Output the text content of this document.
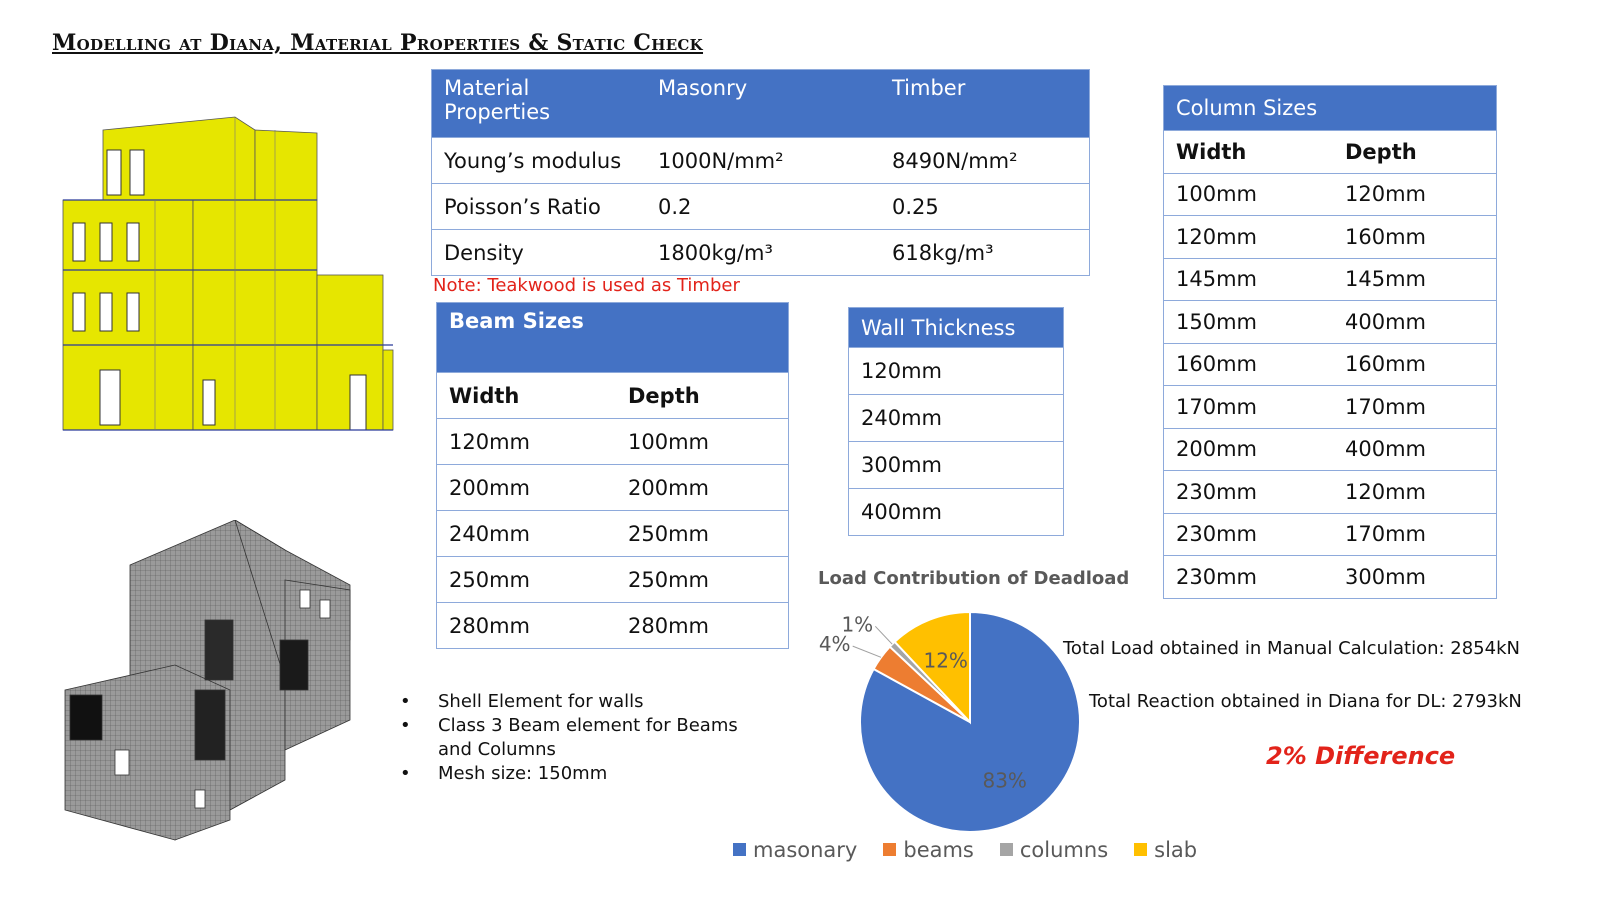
Modelling at Diana, Material Properties & Static Check
Material Properties	Masonry	Timber
Young’s modulus	1000N/mm²	8490N/mm²
Poisson’s Ratio	0.2	0.25
Density	1800kg/m³	618kg/m³
Note: Teakwood is used as Timber
Beam Sizes	
Width	Depth
120mm	100mm
200mm	200mm
240mm	250mm
250mm	250mm
280mm	280mm
Wall Thickness
120mm
240mm
300mm
400mm
Column Sizes	
Width	Depth
100mm	120mm
120mm	160mm
145mm	145mm
150mm	400mm
160mm	160mm
170mm	170mm
200mm	400mm
230mm	120mm
230mm	170mm
230mm	300mm
• Shell Element for walls
• Class 3 Beam element for Beams and Columns
• Mesh size: 150mm
Load Contribution of Deadload
83%
4%
1%
12%
masonary	beams	columns	slab
Total Load obtained in Manual Calculation: 2854kN
Total Reaction obtained in Diana for DL: 2793kN
2% Difference
